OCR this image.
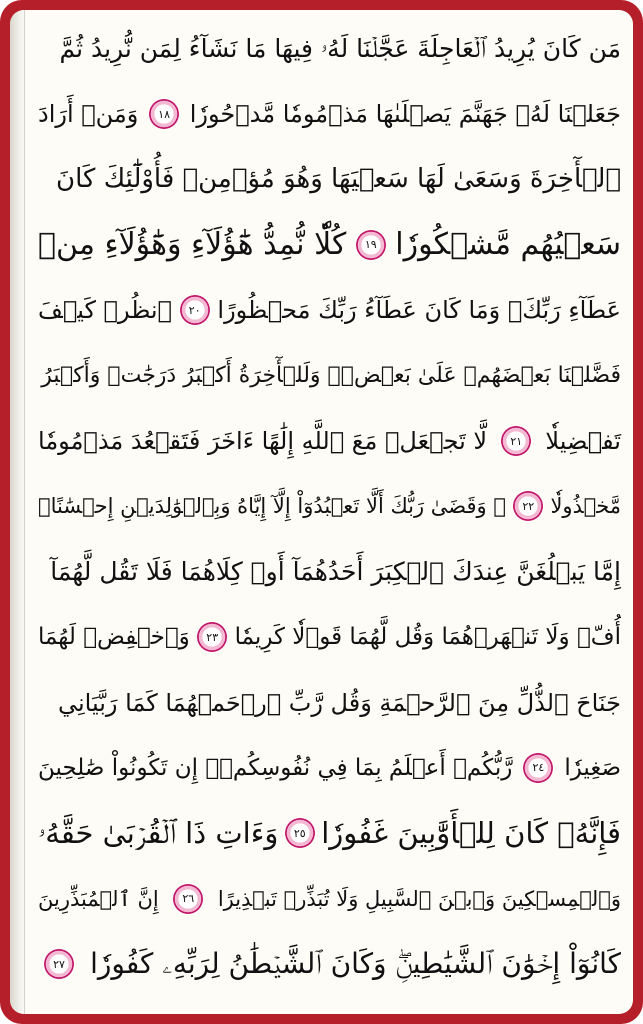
مَن كَانَ يُرِيدُ ٱلۡعَاجِلَةَ عَجَّلۡنَا لَهُۥ فِيهَا مَا نَشَآءُ لِمَن نُّرِيدُ ثُمَّ
جَعَلۡنَا لَهُۥ جَهَنَّمَ يَصۡلَىٰهَا مَذۡمُومٗا مَّدۡحُورٗا
١٨
وَمَنۡ أَرَادَ
ٱلۡأٓخِرَةَ وَسَعَىٰ لَهَا سَعۡيَهَا وَهُوَ مُؤۡمِنٞ فَأُوْلَٰٓئِكَ كَانَ
سَعۡيُهُم مَّشۡكُورٗا
١٩
كُلّٗا نُّمِدُّ هَٰٓؤُلَآءِ وَهَٰٓؤُلَآءِ مِنۡ
عَطَآءِ رَبِّكَۚ وَمَا كَانَ عَطَآءُ رَبِّكَ مَحۡظُورًا
٢٠
ٱنظُرۡ كَيۡفَ
فَضَّلۡنَا بَعۡضَهُمۡ عَلَىٰ بَعۡضٖۚ وَلَلۡأٓخِرَةُ أَكۡبَرُ دَرَجَٰتٖ وَأَكۡبَرُ
تَفۡضِيلٗا
٢١
لَّا تَجۡعَلۡ مَعَ ٱللَّهِ إِلَٰهًا ءَاخَرَ فَتَقۡعُدَ مَذۡمُومٗا
مَّخۡذُولٗا
٢٢
۞ وَقَضَىٰ رَبُّكَ أَلَّا تَعۡبُدُوٓاْ إِلَّآ إِيَّاهُ وَبِٱلۡوَٰلِدَيۡنِ إِحۡسَٰنًاۚ
إِمَّا يَبۡلُغَنَّ عِندَكَ ٱلۡكِبَرَ أَحَدُهُمَآ أَوۡ كِلَاهُمَا فَلَا تَقُل لَّهُمَآ
أُفّٖ وَلَا تَنۡهَرۡهُمَا وَقُل لَّهُمَا قَوۡلٗا كَرِيمٗا
٢٣
وَٱخۡفِضۡ لَهُمَا
جَنَاحَ ٱلذُّلِّ مِنَ ٱلرَّحۡمَةِ وَقُل رَّبِّ ٱرۡحَمۡهُمَا كَمَا رَبَّيَانِي
صَغِيرٗا
٢٤
رَّبُّكُمۡ أَعۡلَمُ بِمَا فِي نُفُوسِكُمۡۚ إِن تَكُونُواْ صَٰلِحِينَ
فَإِنَّهُۥ كَانَ لِلۡأَوَّٰبِينَ غَفُورٗا
٢٥
وَءَاتِ ذَا ٱلۡقُرۡبَىٰ حَقَّهُۥ
وَٱلۡمِسۡكِينَ وَٱبۡنَ ٱلسَّبِيلِ وَلَا تُبَذِّرۡ تَبۡذِيرًا
٢٦
إِنَّ ٱلۡمُبَذِّرِينَ
كَانُوٓاْ إِخۡوَٰنَ ٱلشَّيَٰطِينِۖ وَكَانَ ٱلشَّيۡطَٰنُ لِرَبِّهِۦ كَفُورٗا
٢٧
